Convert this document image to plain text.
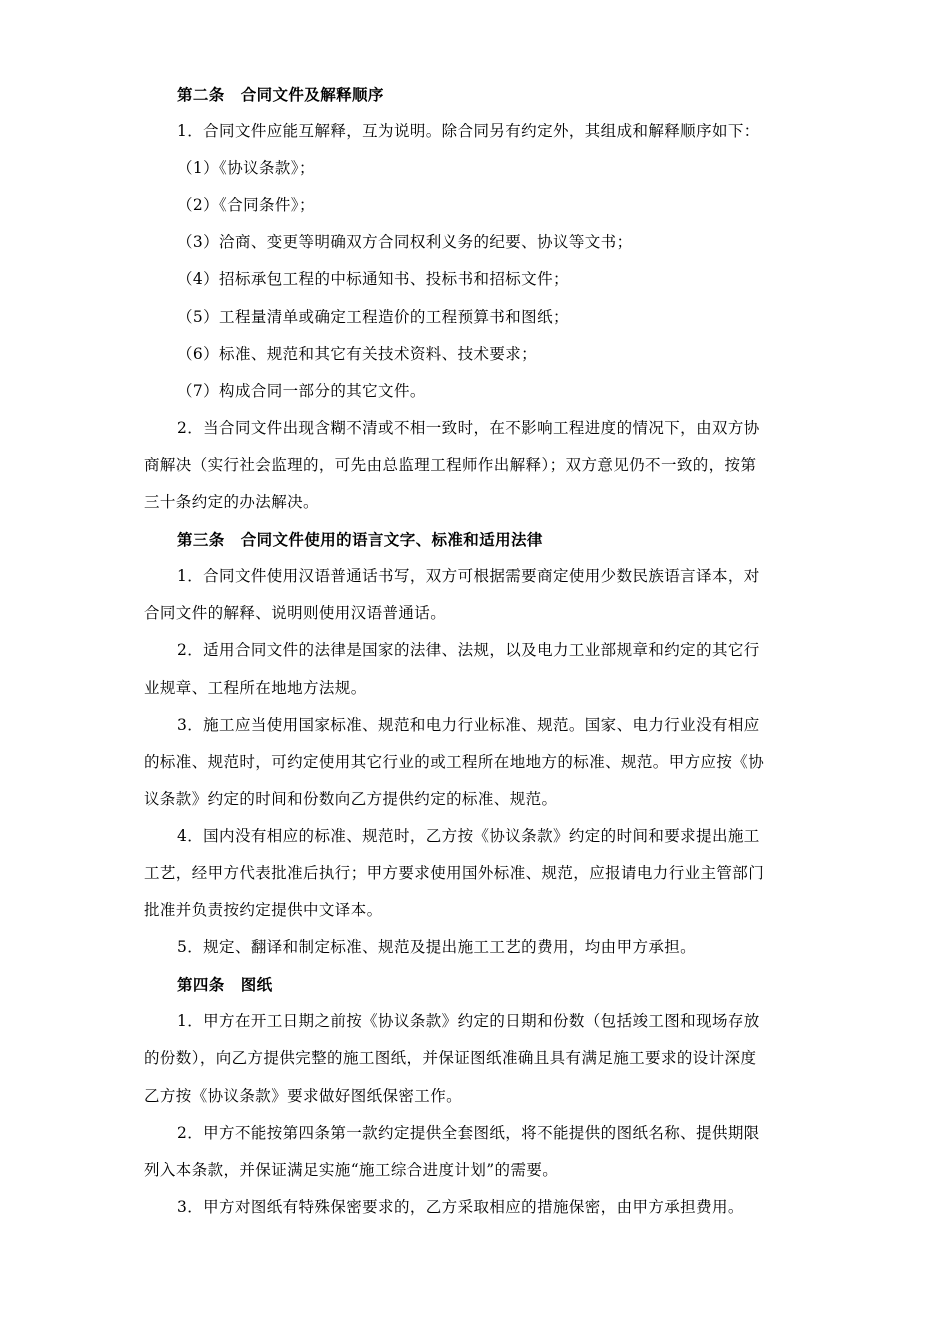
第二条 合同文件及解释顺序
1．合同文件应能互解释，互为说明。除合同另有约定外，其组成和解释顺序如下：
（1）《协议条款》；
（2）《合同条件》；
（3）洽商、变更等明确双方合同权利义务的纪要、协议等文书；
（4）招标承包工程的中标通知书、投标书和招标文件；
（5）工程量清单或确定工程造价的工程预算书和图纸；
（6）标准、规范和其它有关技术资料、技术要求；
（7）构成合同一部分的其它文件。
2．当合同文件出现含糊不清或不相一致时，在不影响工程进度的情况下，由双方协
商解决（实行社会监理的，可先由总监理工程师作出解释）；双方意见仍不一致的，按第
三十条约定的办法解决。
第三条 合同文件使用的语言文字、标准和适用法律
1．合同文件使用汉语普通话书写，双方可根据需要商定使用少数民族语言译本，对
合同文件的解释、说明则使用汉语普通话。
2．适用合同文件的法律是国家的法律、法规，以及电力工业部规章和约定的其它行
业规章、工程所在地地方法规。
3．施工应当使用国家标准、规范和电力行业标准、规范。国家、电力行业没有相应
的标准、规范时，可约定使用其它行业的或工程所在地地方的标准、规范。甲方应按《协
议条款》约定的时间和份数向乙方提供约定的标准、规范。
4．国内没有相应的标准、规范时，乙方按《协议条款》约定的时间和要求提出施工
工艺，经甲方代表批准后执行；甲方要求使用国外标准、规范，应报请电力行业主管部门
批准并负责按约定提供中文译本。
5．规定、翻译和制定标准、规范及提出施工工艺的费用，均由甲方承担。
第四条 图纸
1．甲方在开工日期之前按《协议条款》约定的日期和份数（包括竣工图和现场存放
的份数），向乙方提供完整的施工图纸，并保证图纸准确且具有满足施工要求的设计深度
乙方按《协议条款》要求做好图纸保密工作。
2．甲方不能按第四条第一款约定提供全套图纸，将不能提供的图纸名称、提供期限
列入本条款，并保证满足实施“施工综合进度计划”的需要。
3．甲方对图纸有特殊保密要求的，乙方采取相应的措施保密，由甲方承担费用。
